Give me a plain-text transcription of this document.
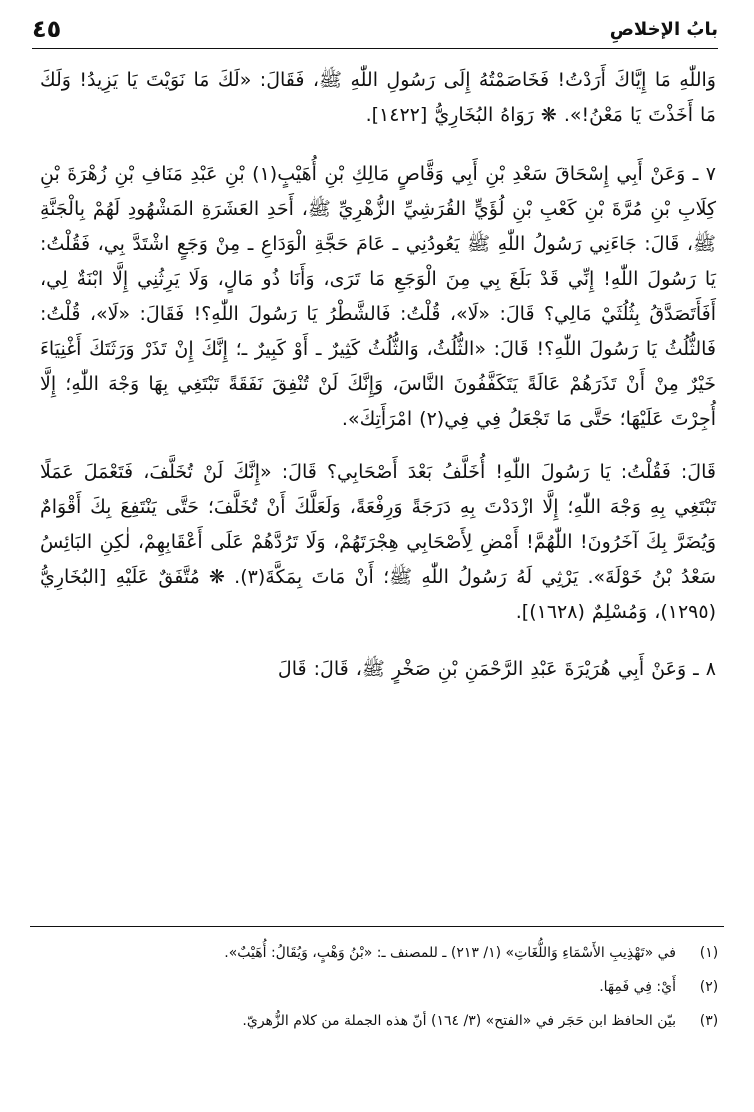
بابُ الإخلاصِ
٤٥

وَاللّٰهِ مَا إِيَّاكَ أَرَدْتُ! فَخَاصَمْتُهُ إِلَى رَسُولِ اللّٰهِ ﷺ، فَقَالَ: «لَكَ مَا نَوَيْتَ يَا يَزِيدُ! وَلَكَ مَا أَخَذْتَ يَا مَعْنُ!». ❋ رَوَاهُ البُخَارِيُّ [١٤٢٢].

٧ ـ وَعَنْ أَبِي إِسْحَاقَ سَعْدِ بْنِ أَبِي وَقَّاصٍ مَالِكِ بْنِ أُهَيْبٍ(١) بْنِ عَبْدِ مَنَافِ بْنِ زُهْرَةَ بْنِ كِلَابِ بْنِ مُرَّةَ بْنِ كَعْبِ بْنِ لُؤَيٍّ القُرَشِيِّ الزُّهْرِيِّ ﷺ، أَحَدِ العَشَرَةِ المَشْهُودِ لَهُمْ بِالْجَنَّةِ ﷺ، قَالَ: جَاءَنِي رَسُولُ اللّٰهِ ﷺ يَعُودُنِي ـ عَامَ حَجَّةِ الْوَدَاعِ ـ مِنْ وَجَعٍ اشْتَدَّ بِي، فَقُلْتُ: يَا رَسُولَ اللّٰهِ! إِنِّي قَدْ بَلَغَ بِي مِنَ الْوَجَعِ مَا تَرَى، وَأَنَا ذُو مَالٍ، وَلَا يَرِثُنِي إِلَّا ابْنَةٌ لِي، أَفَأَتَصَدَّقُ بِثُلُثَيْ مَالِي؟ قَالَ: «لَا»، قُلْتُ: فَالشَّطْرُ يَا رَسُولَ اللّٰهِ؟! فَقَالَ: «لَا»، قُلْتُ: فَالثُّلُثُ يَا رَسُولَ اللّٰهِ؟! قَالَ: «الثُّلُثُ، وَالثُّلُثُ كَثِيرٌ ـ أَوْ كَبِيرٌ ـ؛ إِنَّكَ إِنْ تَذَرْ وَرَثَتَكَ أَغْنِيَاءَ خَيْرٌ مِنْ أَنْ تَذَرَهُمْ عَالَةً يَتَكَفَّفُونَ النَّاسَ، وَإِنَّكَ لَنْ تُنْفِقَ نَفَقَةً تَبْتَغِي بِهَا وَجْهَ اللّٰهِ؛ إِلَّا أُجِرْتَ عَلَيْهَا؛ حَتَّى مَا تَجْعَلُ فِي فِي(٢) امْرَأَتِكَ».

قَالَ: فَقُلْتُ: يَا رَسُولَ اللّٰهِ! أُخَلَّفُ بَعْدَ أَصْحَابِي؟ قَالَ: «إِنَّكَ لَنْ تُخَلَّفَ، فَتَعْمَلَ عَمَلًا تَبْتَغِي بِهِ وَجْهَ اللّٰهِ؛ إِلَّا ازْدَدْتَ بِهِ دَرَجَةً وَرِفْعَةً، وَلَعَلَّكَ أَنْ تُخَلَّفَ؛ حَتَّى يَنْتَفِعَ بِكَ أَقْوَامٌ وَيُضَرَّ بِكَ آخَرُونَ! اللّٰهُمَّ! أَمْضِ لِأَصْحَابِي هِجْرَتَهُمْ، وَلَا تَرُدَّهُمْ عَلَى أَعْقَابِهِمْ، لٰكِنِ البَائِسُ سَعْدُ بْنُ خَوْلَةَ». يَرْثِي لَهُ رَسُولُ اللّٰهِ ﷺ؛ أَنْ مَاتَ بِمَكَّةَ(٣). ❋ مُتَّفَقٌ عَلَيْهِ [البُخَارِيُّ (١٢٩٥)، وَمُسْلِمٌ (١٦٢٨)].

٨ ـ وَعَنْ أَبِي هُرَيْرَةَ عَبْدِ الرَّحْمَنِ بْنِ صَخْرٍ ﷺ، قَالَ: قَالَ

(١)
في «تَهْذِيبِ الأَسْمَاءِ وَاللُّغَاتِ» (١/ ٢١٣) ـ للمصنف ـ: «بْنُ وَهْبٍ، وَيُقَالُ: أُهَيْبٌ».
(٢)
أَيْ: فِي فَمِهَا.
(٣)
بيّن الحافظ ابن حَجَر في «الفتح» (٣/ ١٦٤) أنّ هذه الجملة من كلام الزُّهريّ.
